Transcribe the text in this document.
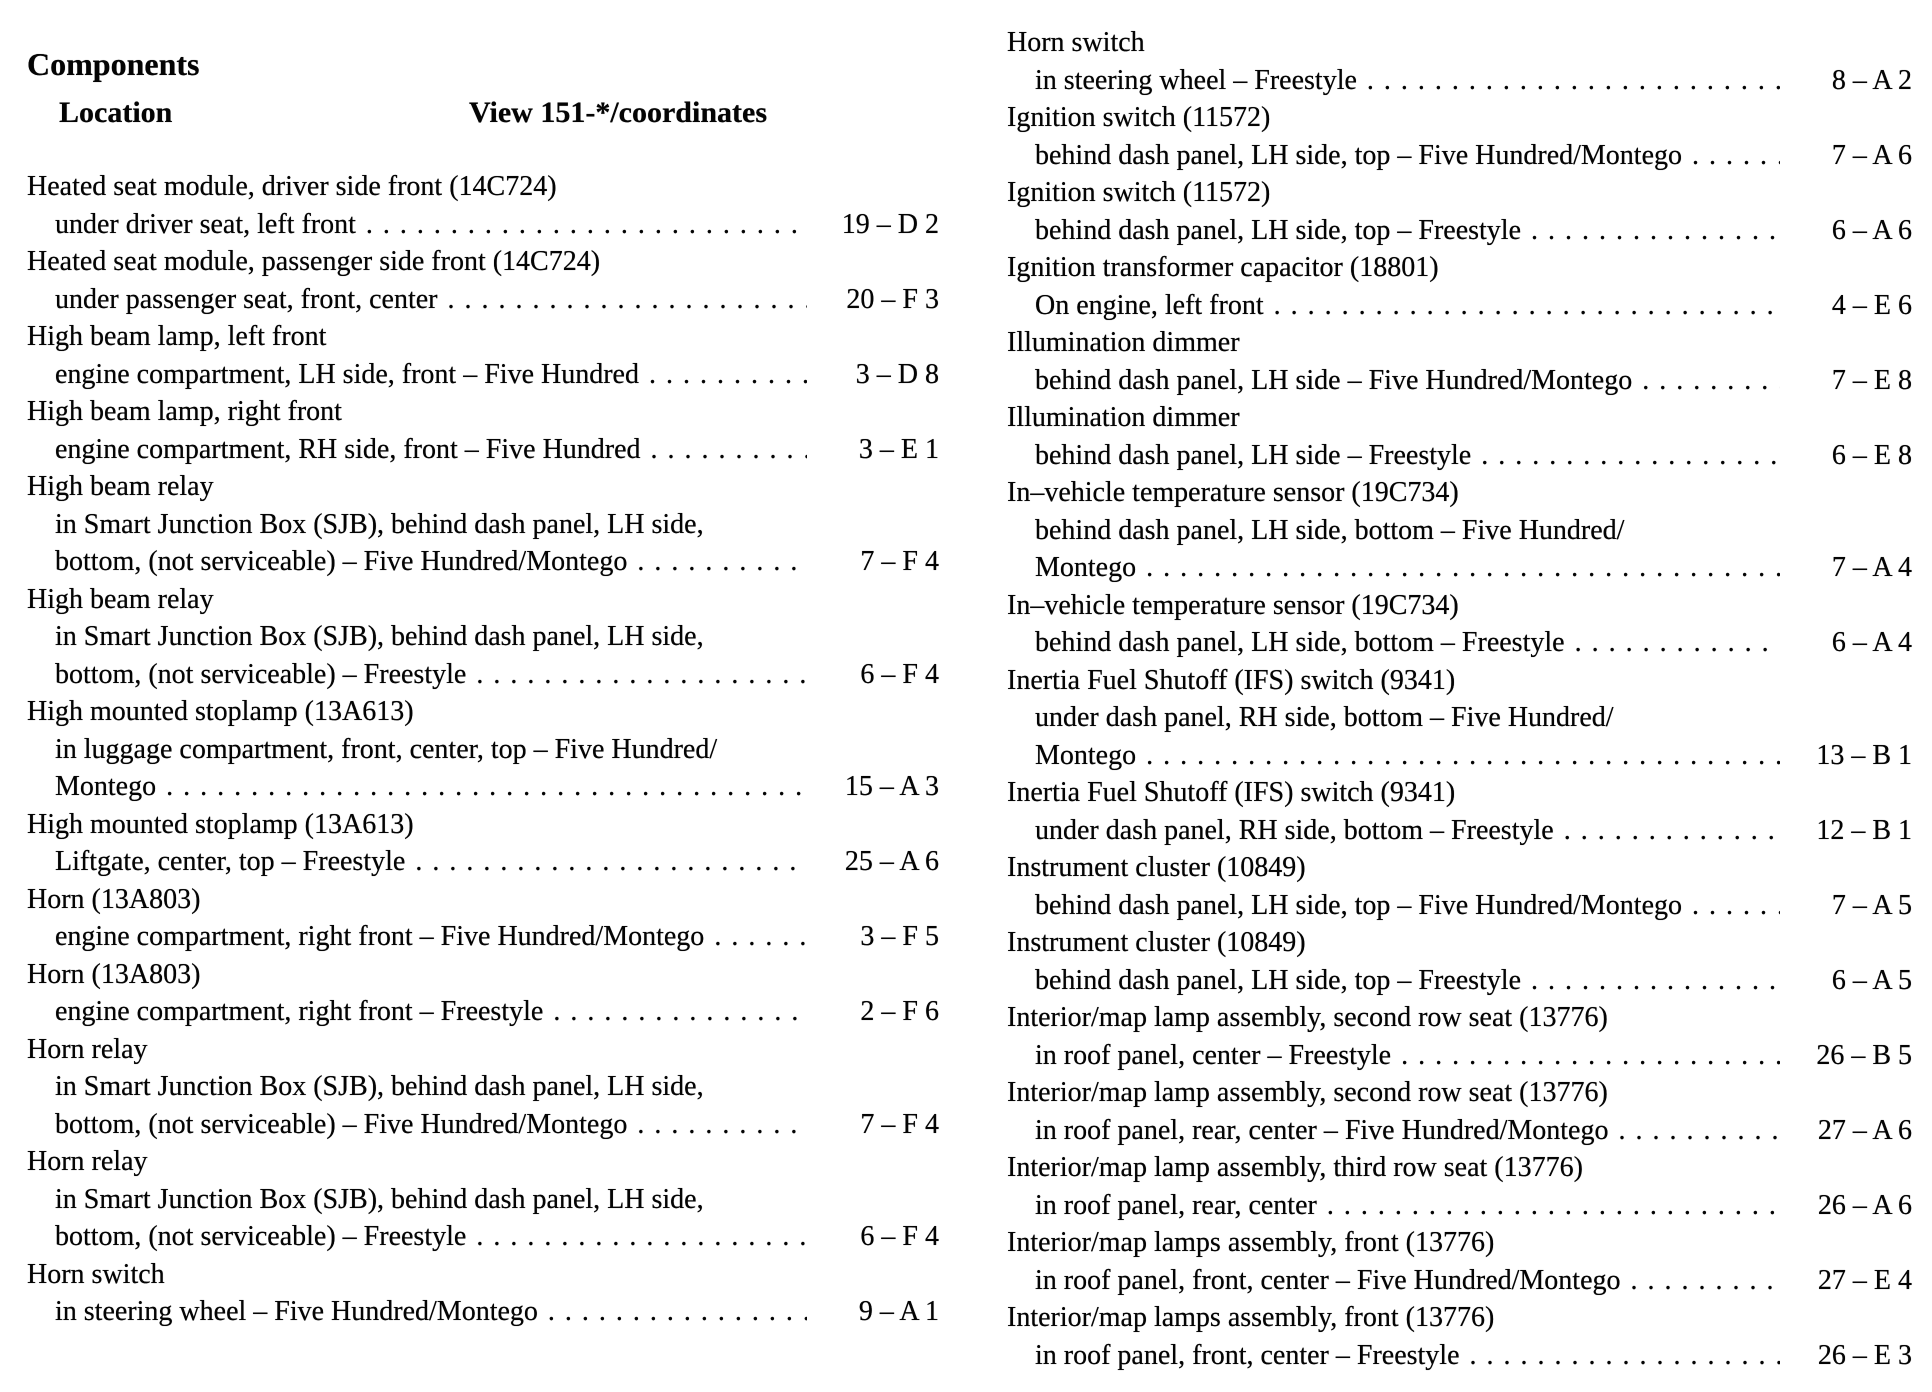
Components
Location	View 151-*/coordinates
Heated seat module, driver side front (14C724)
under driver seat, left front . . .	19 – D 2
Heated seat module, passenger side front (14C724)
under passenger seat, front, center . . .	20 – F 3
High beam lamp, left front
engine compartment, LH side, front – Five Hundred . . .	3 – D 8
High beam lamp, right front
engine compartment, RH side, front – Five Hundred . . .	3 – E 1
High beam relay
in Smart Junction Box (SJB), behind dash panel, LH side,
bottom, (not serviceable) – Five Hundred/Montego . . .	7 – F 4
High beam relay
in Smart Junction Box (SJB), behind dash panel, LH side,
bottom, (not serviceable) – Freestyle . . .	6 – F 4
High mounted stoplamp (13A613)
in luggage compartment, front, center, top – Five Hundred/
Montego . . .	15 – A 3
High mounted stoplamp (13A613)
Liftgate, center, top – Freestyle . . .	25 – A 6
Horn (13A803)
engine compartment, right front – Five Hundred/Montego . . .	3 – F 5
Horn (13A803)
engine compartment, right front – Freestyle . . .	2 – F 6
Horn relay
in Smart Junction Box (SJB), behind dash panel, LH side,
bottom, (not serviceable) – Five Hundred/Montego . . .	7 – F 4
Horn relay
in Smart Junction Box (SJB), behind dash panel, LH side,
bottom, (not serviceable) – Freestyle . . .	6 – F 4
Horn switch
in steering wheel – Five Hundred/Montego . . .	9 – A 1
Horn switch
in steering wheel – Freestyle . . .	8 – A 2
Ignition switch (11572)
behind dash panel, LH side, top – Five Hundred/Montego . . .	7 – A 6
Ignition switch (11572)
behind dash panel, LH side, top – Freestyle . . .	6 – A 6
Ignition transformer capacitor (18801)
On engine, left front . . .	4 – E 6
Illumination dimmer
behind dash panel, LH side – Five Hundred/Montego . . .	7 – E 8
Illumination dimmer
behind dash panel, LH side – Freestyle . . .	6 – E 8
In–vehicle temperature sensor (19C734)
behind dash panel, LH side, bottom – Five Hundred/
Montego . . .	7 – A 4
In–vehicle temperature sensor (19C734)
behind dash panel, LH side, bottom – Freestyle . . .	6 – A 4
Inertia Fuel Shutoff (IFS) switch (9341)
under dash panel, RH side, bottom – Five Hundred/
Montego . . .	13 – B 1
Inertia Fuel Shutoff (IFS) switch (9341)
under dash panel, RH side, bottom – Freestyle . . .	12 – B 1
Instrument cluster (10849)
behind dash panel, LH side, top – Five Hundred/Montego . . .	7 – A 5
Instrument cluster (10849)
behind dash panel, LH side, top – Freestyle . . .	6 – A 5
Interior/map lamp assembly, second row seat (13776)
in roof panel, center – Freestyle . . .	26 – B 5
Interior/map lamp assembly, second row seat (13776)
in roof panel, rear, center – Five Hundred/Montego . . .	27 – A 6
Interior/map lamp assembly, third row seat (13776)
in roof panel, rear, center . . .	26 – A 6
Interior/map lamps assembly, front (13776)
in roof panel, front, center – Five Hundred/Montego . . .	27 – E 4
Interior/map lamps assembly, front (13776)
in roof panel, front, center – Freestyle . . .	26 – E 3
